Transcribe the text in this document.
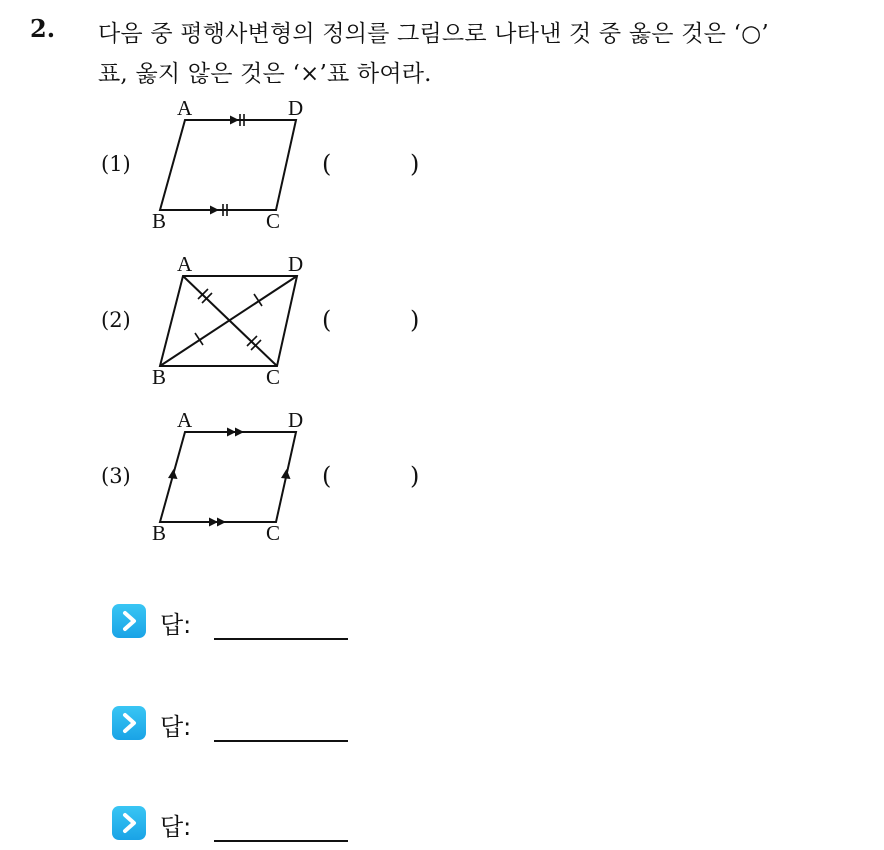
2. 다음 중 평행사변형의 정의를 그림으로 나타낸 것 중 옳은 것은 ‘○’
표, 옳지 않은 것은 ‘×’표 하여라.
(1)
A	D
B	C
(	)
(2)
A	D
B	C
(	)
(3)
A	D
B	C
(	)
답:
답:
답:
